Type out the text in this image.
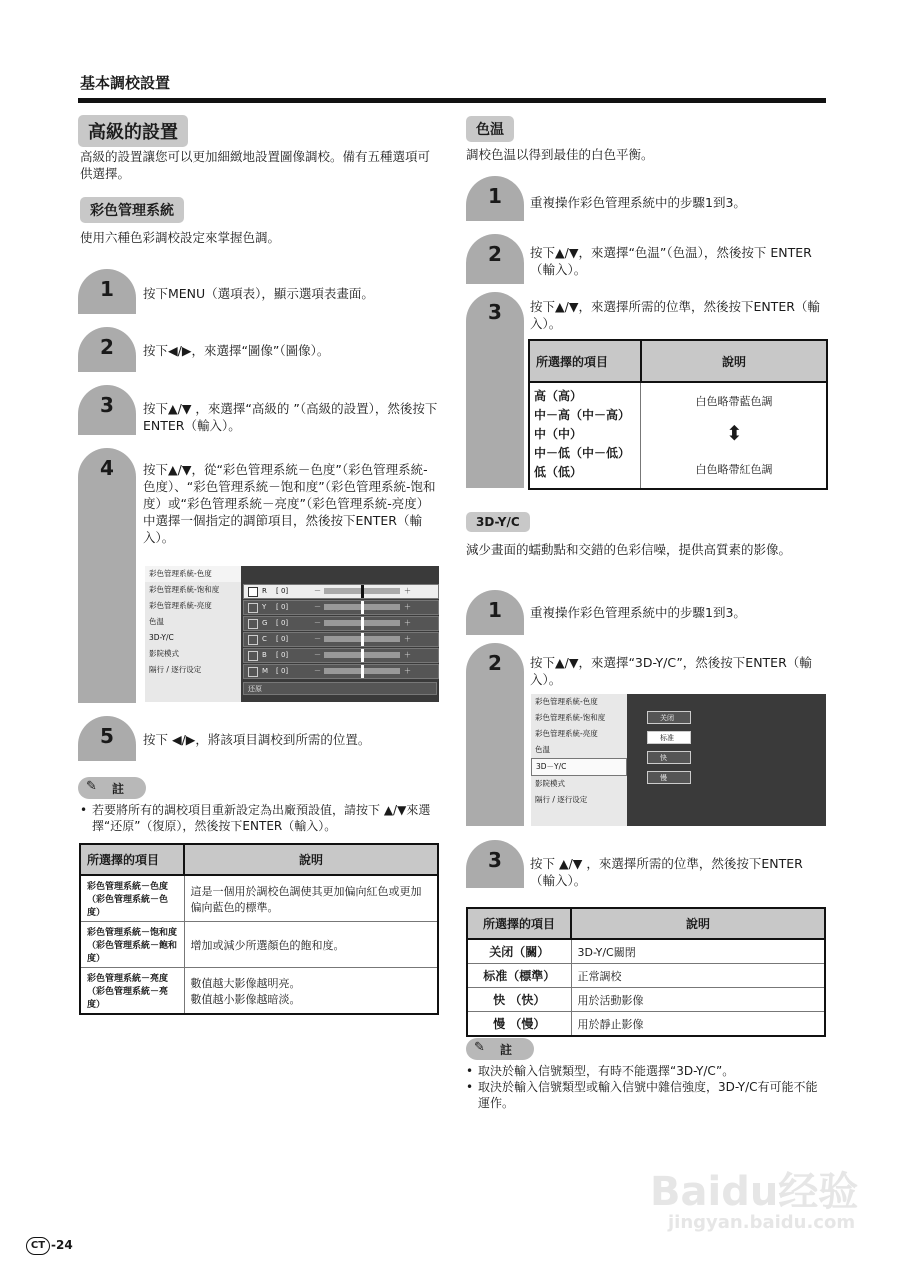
基本調校設置
高級的設置
高級的設置讓您可以更加細緻地設置圖像調校。備有五種選項可供選擇。
彩色管理系統
使用六種色彩調校設定來掌握色調。
1	按下MENU（選項表），顯示選項表畫面。
2	按下◀/▶，來選擇“圖像”（圖像）。
3	按下▲/▼ ，來選擇“高級的 ”（高級的設置），然後按下 ENTER（輸入）。
4	按下▲/▼，從“彩色管理系統－色度”（彩色管理系統-色度）、“彩色管理系統－饱和度”（彩色管理系統-饱和度）或“彩色管理系統－亮度”（彩色管理系統-亮度）中選擇一個指定的調節項目，然後按下ENTER（輸入）。
彩色管理系統-色度
彩色管理系統-饱和度
彩色管理系統-亮度
色温
3D-Y/C
影院模式
隔行 / 逐行设定
R [ 0]	－	＋
Y [ 0]	－	＋
G [ 0]	－	＋
C [ 0]	－	＋
B [ 0]	－	＋
M [ 0]	－	＋
还原
5	按下 ◀/▶，將該項目調校到所需的位置。
✎ 註
• 若要將所有的調校項目重新設定為出廠預設值，請按下 ▲/▼來選擇“还原”（復原），然後按下ENTER（輸入）。
所選擇的項目	說明
彩色管理系統－色度
（彩色管理系統－色度）	這是一個用於調校色調使其更加偏向紅色或更加偏向藍色的標準。
彩色管理系統－饱和度
（彩色管理系統－飽和度）	增加或減少所選顏色的飽和度。
彩色管理系統－亮度
（彩色管理系統－亮度）	數值越大影像越明亮。
數值越小影像越暗淡。
色温
調校色温以得到最佳的白色平衡。
1	重複操作彩色管理系統中的步驟1到3。
2	按下▲/▼，來選擇“色温”（色温），然後按下 ENTER（輸入）。
3	按下▲/▼，來選擇所需的位準，然後按下ENTER（輸入）。
所選擇的項目	說明
高（高）
中－高（中－高）
中（中）
中－低（中－低）
低（低）
白色略帶藍色調
⬍
白色略帶紅色調
3D-Y/C
減少畫面的蠕動點和交錯的色彩信噪，提供高質素的影像。
1	重複操作彩色管理系統中的步驟1到3。
2	按下▲/▼，來選擇“3D-Y/C”，然後按下ENTER（輸入）。
彩色管理系統-色度
彩色管理系統-饱和度
彩色管理系統-亮度
色温
3D－Y/C
影院模式
隔行 / 逐行设定
关闭
标准
快
慢
3	按下 ▲/▼ ，來選擇所需的位準，然後按下ENTER（輸入）。
所選擇的項目	說明
关闭（關）	3D-Y/C關閉
标准（標準）	正常調校
快 （快）	用於活動影像
慢 （慢）	用於靜止影像
✎ 註
• 取決於輸入信號類型，有時不能選擇“3D-Y/C”。
• 取決於輸入信號類型或輸入信號中雜信強度，3D-Y/C有可能不能運作。
Baidu经验
jingyan.baidu.com
CT -24
